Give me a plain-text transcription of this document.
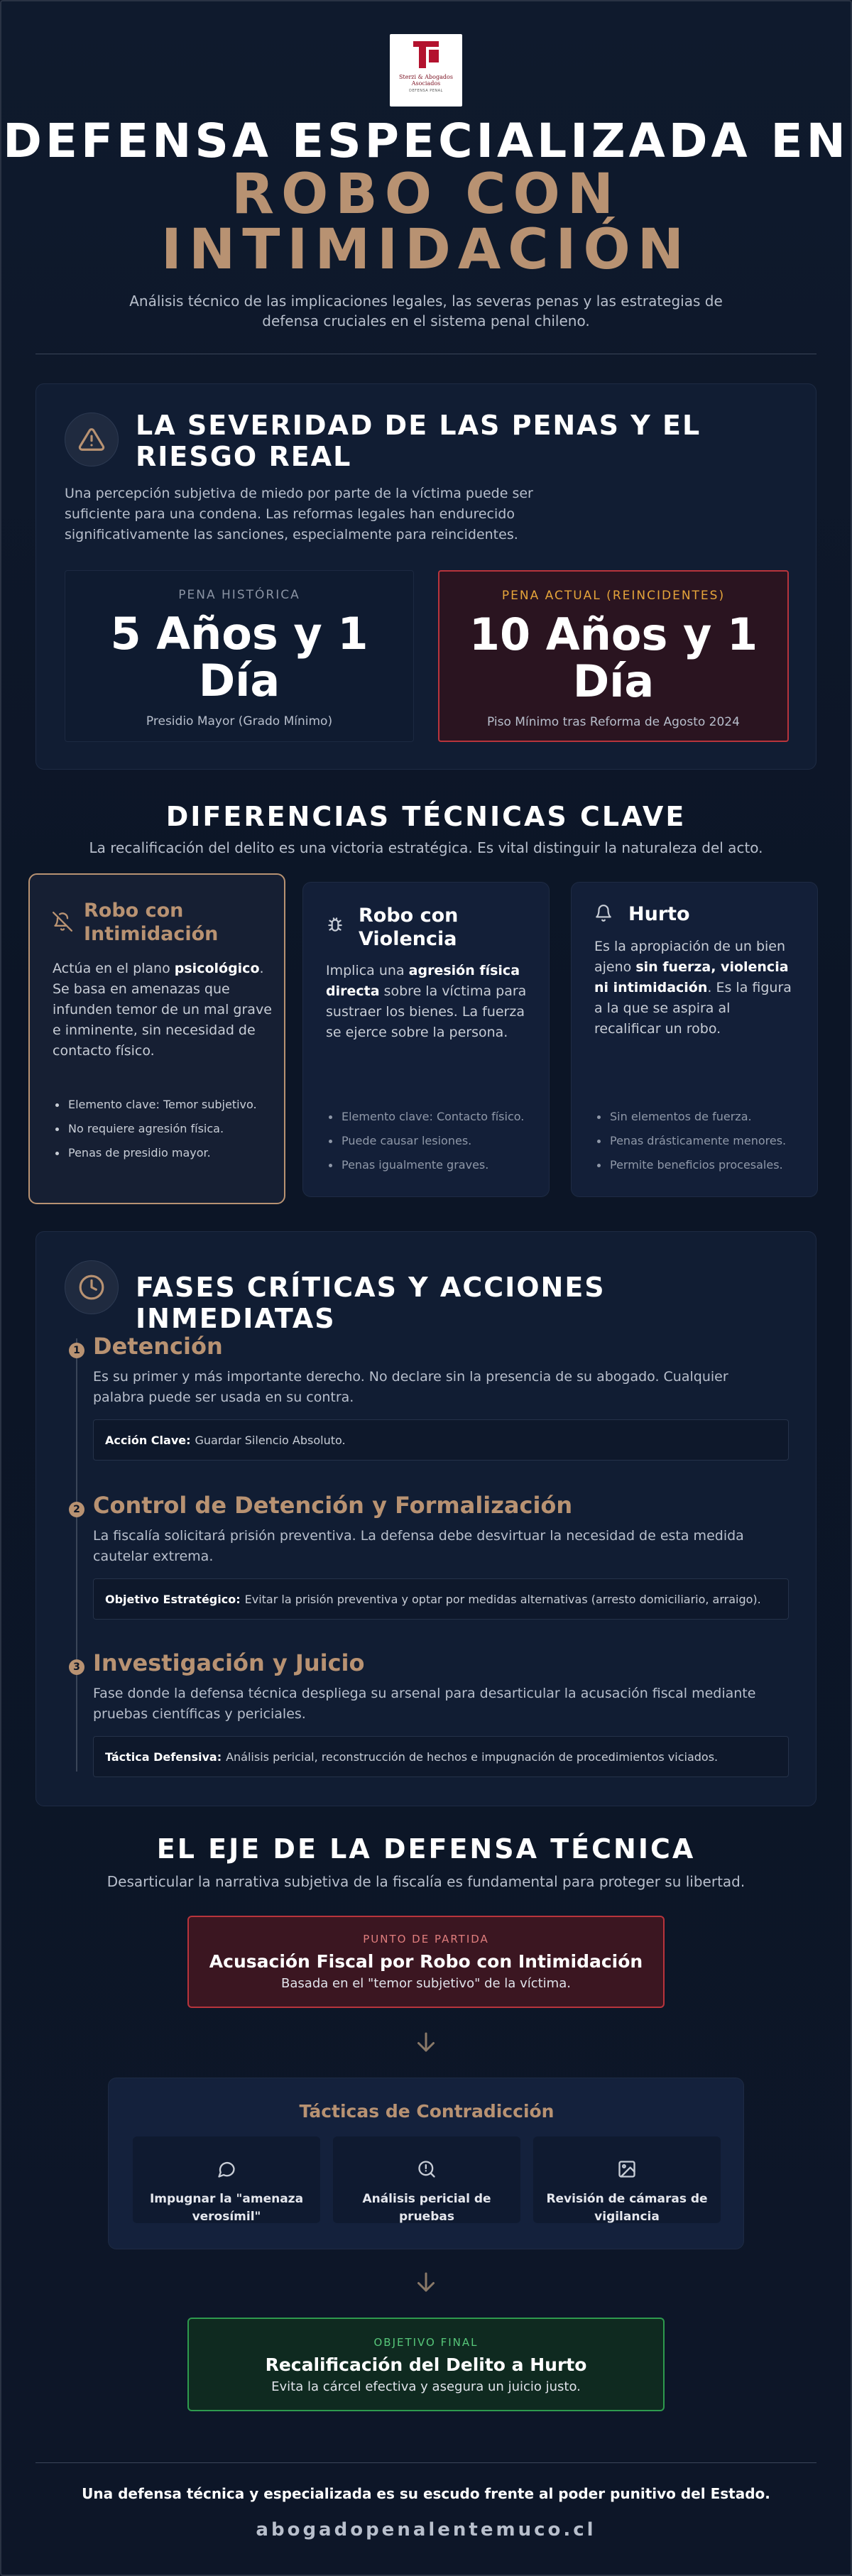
Sterzi & Abogados Asociados
DEFENSA PENAL
DEFENSA ESPECIALIZADA EN
ROBO CON
INTIMIDACIÓN
Análisis técnico de las implicaciones legales, las severas penas y las estrategias de defensa cruciales en el sistema penal chileno.
LA SEVERIDAD DE LAS PENAS Y EL RIESGO REAL
Una percepción subjetiva de miedo por parte de la víctima puede ser suficiente para una condena. Las reformas legales han endurecido significativamente las sanciones, especialmente para reincidentes.
PENA HISTÓRICA
5 Años y 1 Día
Presidio Mayor (Grado Mínimo)
PENA ACTUAL (REINCIDENTES)
10 Años y 1 Día
Piso Mínimo tras Reforma de Agosto 2024
DIFERENCIAS TÉCNICAS CLAVE
La recalificación del delito es una victoria estratégica. Es vital distinguir la naturaleza del acto.
Robo con Intimidación
Actúa en el plano psicológico. Se basa en amenazas que infunden temor de un mal grave e inminente, sin necesidad de contacto físico.
Elemento clave: Temor subjetivo.
No requiere agresión física.
Penas de presidio mayor.
Robo con Violencia
Implica una agresión física directa sobre la víctima para sustraer los bienes. La fuerza se ejerce sobre la persona.
Elemento clave: Contacto físico.
Puede causar lesiones.
Penas igualmente graves.
Hurto
Es la apropiación de un bien ajeno sin fuerza, violencia ni intimidación. Es la figura a la que se aspira al recalificar un robo.
Sin elementos de fuerza.
Penas drásticamente menores.
Permite beneficios procesales.
FASES CRÍTICAS Y ACCIONES INMEDIATAS
1 Detención
Es su primer y más importante derecho. No declare sin la presencia de su abogado. Cualquier palabra puede ser usada en su contra.
Acción Clave: Guardar Silencio Absoluto.
2 Control de Detención y Formalización
La fiscalía solicitará prisión preventiva. La defensa debe desvirtuar la necesidad de esta medida cautelar extrema.
Objetivo Estratégico: Evitar la prisión preventiva y optar por medidas alternativas (arresto domiciliario, arraigo).
3 Investigación y Juicio
Fase donde la defensa técnica despliega su arsenal para desarticular la acusación fiscal mediante pruebas científicas y periciales.
Táctica Defensiva: Análisis pericial, reconstrucción de hechos e impugnación de procedimientos viciados.
EL EJE DE LA DEFENSA TÉCNICA
Desarticular la narrativa subjetiva de la fiscalía es fundamental para proteger su libertad.
PUNTO DE PARTIDA
Acusación Fiscal por Robo con Intimidación
Basada en el "temor subjetivo" de la víctima.
Tácticas de Contradicción
Impugnar la "amenaza verosímil"
Análisis pericial de pruebas
Revisión de cámaras de vigilancia
OBJETIVO FINAL
Recalificación del Delito a Hurto
Evita la cárcel efectiva y asegura un juicio justo.
Una defensa técnica y especializada es su escudo frente al poder punitivo del Estado.
abogadopenalentemuco.cl
